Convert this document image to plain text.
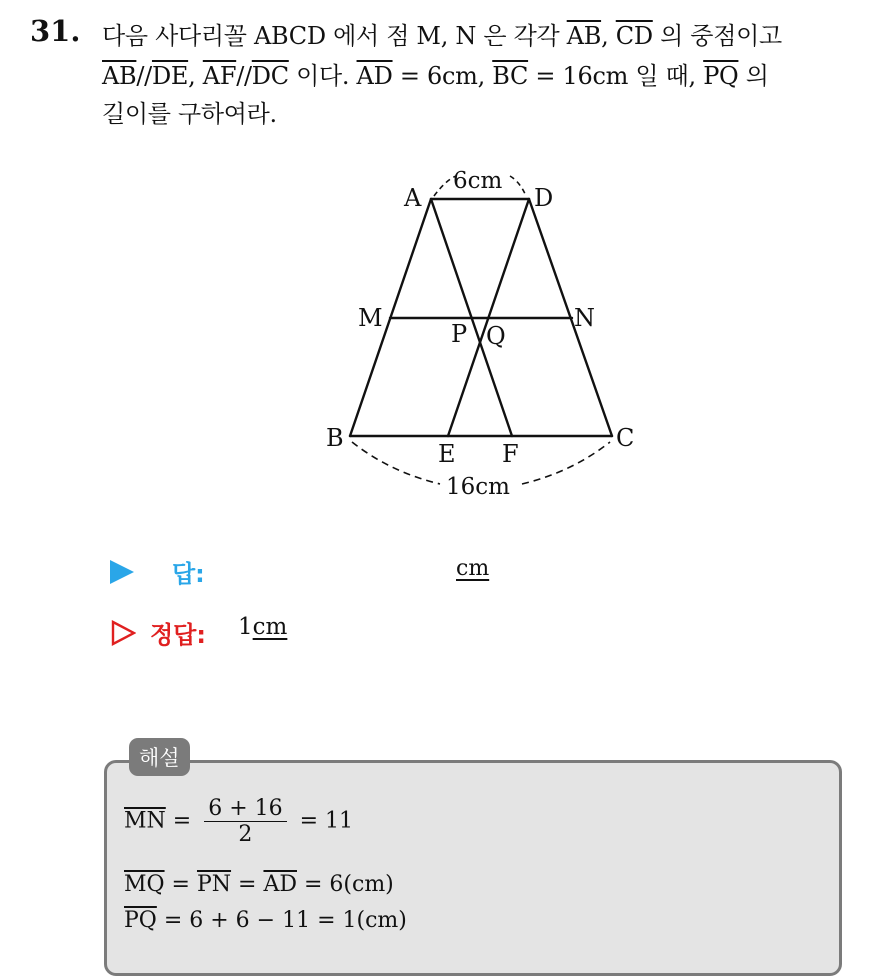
31. 다음 사다리꼴 ABCD 에서 점 M, N 은 각각 $\overline{AB}$, $\overline{CD}$ 의 중점이고
$\overline{AB}//\overline{DE}$, $\overline{AF}//\overline{DC}$ 이다. $\overline{AD} = 6cm$, $\overline{BC} = 16cm$ 일 때, $\overline{PQ}$ 의
길이를 구하여라.
A	D
M	N
P Q
B	C
E F
6cm
16cm
답:	cm
정답: 1cm
해설
$\overline{MN} = \frac{6 + 16}{2} = 11$
$\overline{MQ} = \overline{PN} = \overline{AD} = 6(cm)$
$\overline{PQ} = 6 + 6 - 11 = 1(cm)$
